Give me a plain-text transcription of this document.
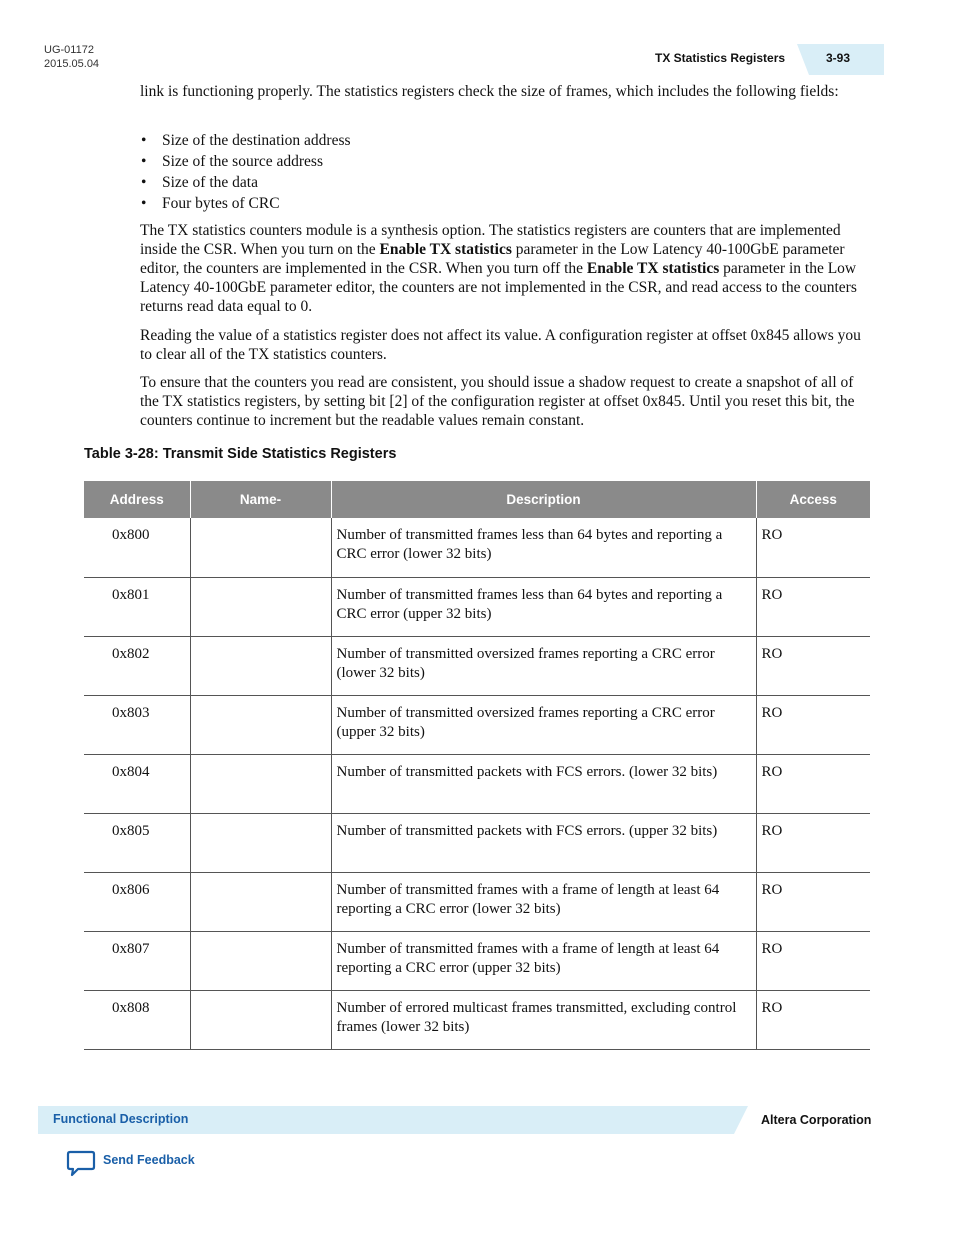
UG-01172
2015.05.04	TX Statistics Registers	3-93

link is functioning properly. The statistics registers check the size of frames, which includes the following fields:

• Size of the destination address
• Size of the source address
• Size of the data
• Four bytes of CRC

The TX statistics counters module is a synthesis option. The statistics registers are counters that are implemented inside the CSR. When you turn on the Enable TX statistics parameter in the Low Latency 40-100GbE parameter editor, the counters are implemented in the CSR. When you turn off the Enable TX statistics parameter in the Low Latency 40-100GbE parameter editor, the counters are not implemented in the CSR, and read access to the counters returns read data equal to 0.

Reading the value of a statistics register does not affect its value. A configuration register at offset 0x845 allows you to clear all of the TX statistics counters.

To ensure that the counters you read are consistent, you should issue a shadow request to create a snapshot of all of the TX statistics registers, by setting bit [2] of the configuration register at offset 0x845. Until you reset this bit, the counters continue to increment but the readable values remain constant.

Table 3-28: Transmit Side Statistics Registers
Address	Name-	Description	Access
0x800		Number of transmitted frames less than 64 bytes and reporting a CRC error (lower 32 bits)	RO
0x801		Number of transmitted frames less than 64 bytes and reporting a CRC error (upper 32 bits)	RO
0x802		Number of transmitted oversized frames reporting a CRC error (lower 32 bits)	RO
0x803		Number of transmitted oversized frames reporting a CRC error (upper 32 bits)	RO
0x804		Number of transmitted packets with FCS errors. (lower 32 bits)	RO
0x805		Number of transmitted packets with FCS errors. (upper 32 bits)	RO
0x806		Number of transmitted frames with a frame of length at least 64 reporting a CRC error (lower 32 bits)	RO
0x807		Number of transmitted frames with a frame of length at least 64 reporting a CRC error (upper 32 bits)	RO
0x808		Number of errored multicast frames transmitted, excluding control frames (lower 32 bits)	RO
Functional Description	Altera Corporation
Send Feedback
